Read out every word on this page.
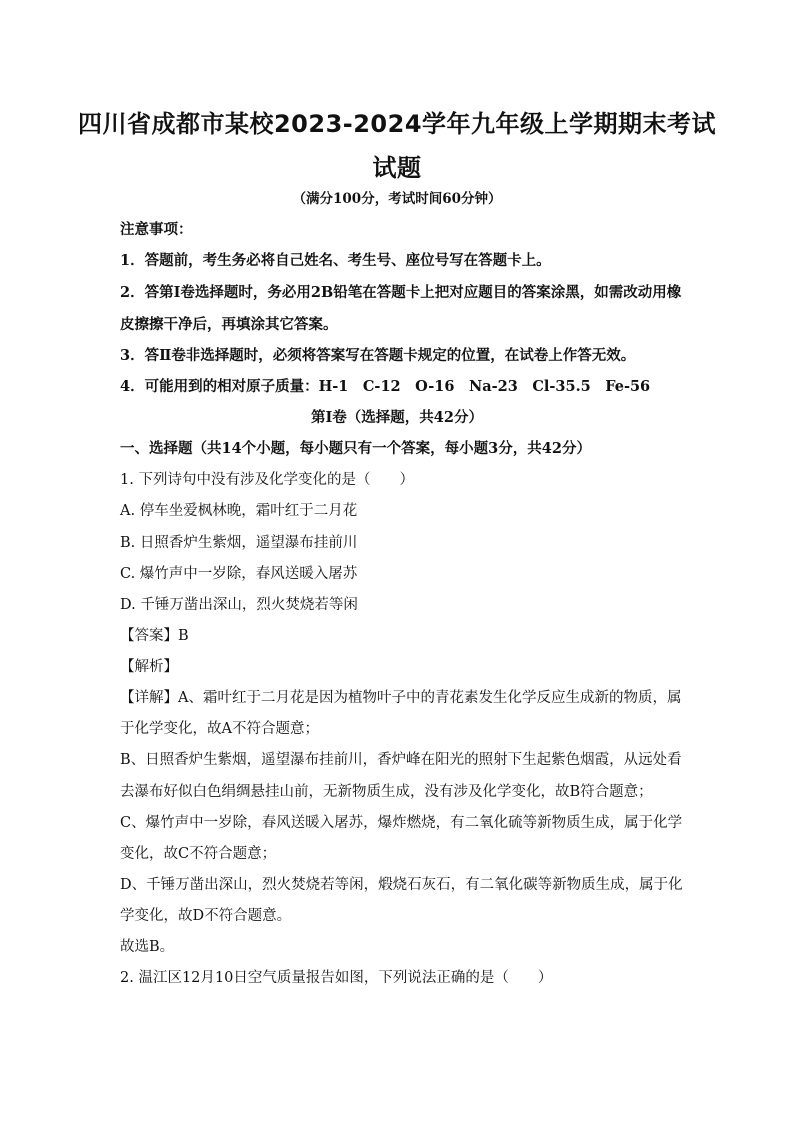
四川省成都市某校2023-2024学年九年级上学期期末考试
试题
（满分100分，考试时间60分钟）
注意事项：
1．答题前，考生务必将自己姓名、考生号、座位号写在答题卡上。
2．答第Ⅰ卷选择题时，务必用2B铅笔在答题卡上把对应题目的答案涂黑，如需改动用橡
皮擦擦干净后，再填涂其它答案。
3．答Ⅱ卷非选择题时，必须将答案写在答题卡规定的位置，在试卷上作答无效。
4．可能用到的相对原子质量：H-1　C-12　O-16　Na-23　Cl-35.5　Fe-56
第Ⅰ卷（选择题，共42分）
一、选择题（共14个小题，每小题只有一个答案，每小题3分，共42分）
1. 下列诗句中没有涉及化学变化的是（　　）
A. 停车坐爱枫林晚，霜叶红于二月花
B. 日照香炉生紫烟，遥望瀑布挂前川
C. 爆竹声中一岁除，春风送暖入屠苏
D. 千锤万凿出深山，烈火焚烧若等闲
【答案】B
【解析】
【详解】A、霜叶红于二月花是因为植物叶子中的青花素发生化学反应生成新的物质，属
于化学变化，故A不符合题意；
B、日照香炉生紫烟，遥望瀑布挂前川，香炉峰在阳光的照射下生起紫色烟霞，从远处看
去瀑布好似白色绢绸悬挂山前，无新物质生成，没有涉及化学变化，故B符合题意；
C、爆竹声中一岁除，春风送暖入屠苏，爆炸燃烧，有二氧化硫等新物质生成，属于化学
变化，故C不符合题意；
D、千锤万凿出深山，烈火焚烧若等闲，煅烧石灰石，有二氧化碳等新物质生成，属于化
学变化，故D不符合题意。
故选B。
2. 温江区12月10日空气质量报告如图，下列说法正确的是（　　）
